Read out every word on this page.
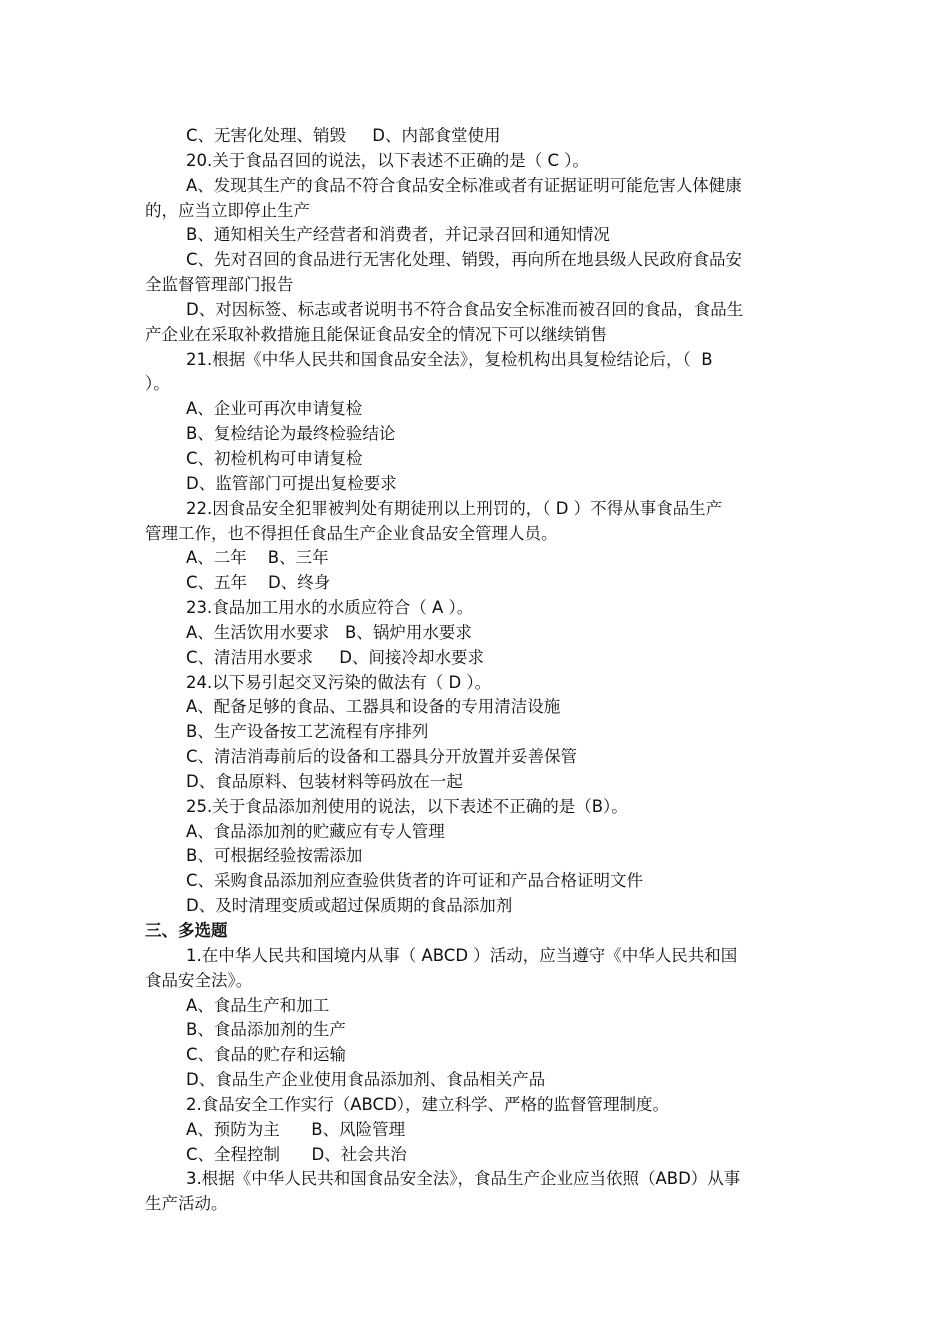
C、无害化处理、销毁     D、内部食堂使用
20.关于食品召回的说法，以下表述不正确的是（ C ）。
A、发现其生产的食品不符合食品安全标准或者有证据证明可能危害人体健康
的，应当立即停止生产
B、通知相关生产经营者和消费者，并记录召回和通知情况
C、先对召回的食品进行无害化处理、销毁，再向所在地县级人民政府食品安
全监督管理部门报告
D、对因标签、标志或者说明书不符合食品安全标准而被召回的食品，食品生
产企业在采取补救措施且能保证食品安全的情况下可以继续销售
21.根据《中华人民共和国食品安全法》，复检机构出具复检结论后，（  B
）。
A、企业可再次申请复检
B、复检结论为最终检验结论
C、初检机构可申请复检
D、监管部门可提出复检要求
22.因食品安全犯罪被判处有期徒刑以上刑罚的，（ D ）不得从事食品生产
管理工作，也不得担任食品生产企业食品安全管理人员。
A、二年    B、三年
C、五年    D、终身
23.食品加工用水的水质应符合（ A ）。
A、生活饮用水要求   B、锅炉用水要求
C、清洁用水要求     D、间接冷却水要求
24.以下易引起交叉污染的做法有（ D ）。
A、配备足够的食品、工器具和设备的专用清洁设施
B、生产设备按工艺流程有序排列
C、清洁消毒前后的设备和工器具分开放置并妥善保管
D、食品原料、包装材料等码放在一起
25.关于食品添加剂使用的说法，以下表述不正确的是（B）。
A、食品添加剂的贮藏应有专人管理
B、可根据经验按需添加
C、采购食品添加剂应查验供货者的许可证和产品合格证明文件
D、及时清理变质或超过保质期的食品添加剂
三、多选题
1.在中华人民共和国境内从事（ ABCD ）活动，应当遵守《中华人民共和国
食品安全法》。
A、食品生产和加工
B、食品添加剂的生产
C、食品的贮存和运输
D、食品生产企业使用食品添加剂、食品相关产品
2.食品安全工作实行（ABCD），建立科学、严格的监督管理制度。
A、预防为主      B、风险管理
C、全程控制      D、社会共治
3.根据《中华人民共和国食品安全法》，食品生产企业应当依照（ABD）从事
生产活动。
